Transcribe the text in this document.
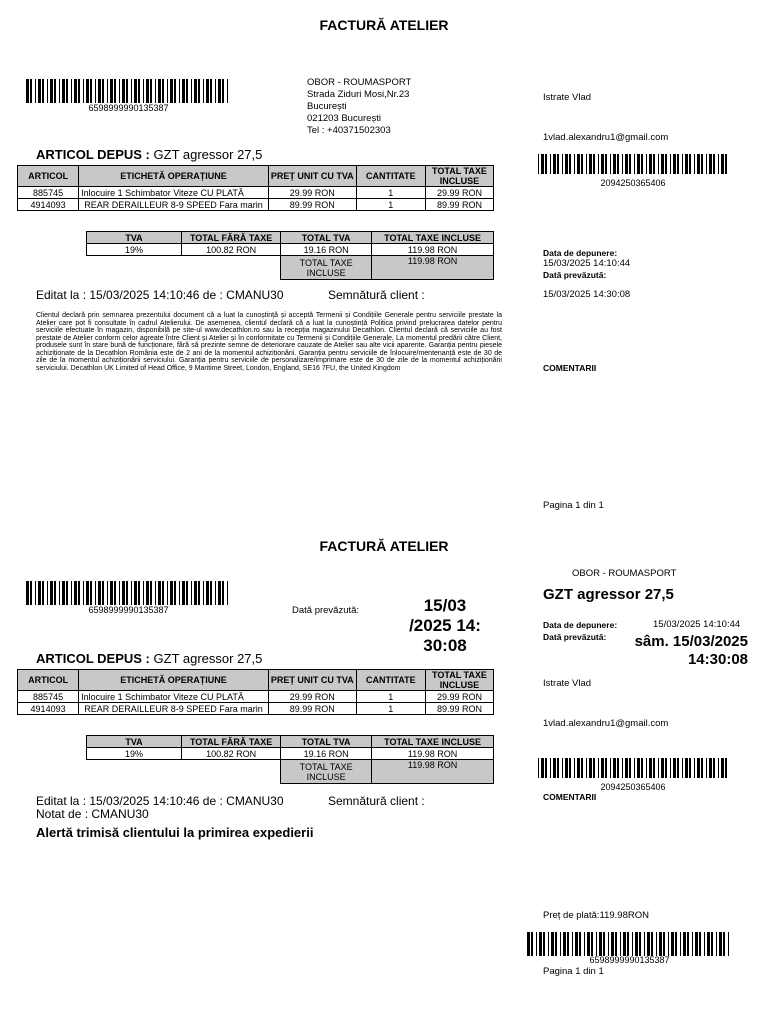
FACTURĂ ATELIER
6598999990135387
OBOR - ROUMASPORT
Strada Ziduri Mosi,Nr.23
București
021203 București
Tel : +40371502303
Istrate Vlad
1vlad.alexandru1@gmail.com
2094250365406
ARTICOL DEPUS : GZT agressor 27,5
ARTICOL	ETICHETĂ OPERAȚIUNE	PREȚ UNIT CU TVA	CANTITATE	TOTAL TAXE INCLUSE
885745	Inlocuire 1 Schimbator Viteze CU PLATĂ	29.99 RON	1	29.99 RON
4914093	REAR DERAILLEUR 8-9 SPEED Fara marin	89.99 RON	1	89.99 RON
TVA	TOTAL FĂRĂ TAXE	TOTAL TVA	TOTAL TAXE INCLUSE
19%	100.82 RON	19.16 RON	119.98 RON
		TOTAL TAXE INCLUSE	119.98 RON
Editat la : 15/03/2025 14:10:46 de : CMANU30	Semnătură client :
Data de depunere:
15/03/2025 14:10:44
Dată prevăzută:
15/03/2025 14:30:08
Clientul declară prin semnarea prezentului document că a luat la cunoștință și acceptă Termenii și Condițiile Generale pentru serviciile prestate la Atelier care pot fi consultate în cadrul Atelierului. De asemenea, clientul declară că a luat la cunoștință Politica privind prelucrarea datelor pentru serviciile efectuate în magazin, disponibilă pe site-ul www.decathlon.ro sau la recepția magazinului Decathlon. Clientul declară că serviciile au fost prestate de Atelier conform celor agreate între Client și Atelier și în conformitate cu Termenii și Condițiile Generale. La momentul predării către Client, produsele sunt în stare bună de funcționare, fără să prezinte semne de deteriorare cauzate de Atelier sau alte vicii aparente. Garanția pentru piesele achiziționate de la Decathlon România este de 2 ani de la momentul achiziționării. Garanția pentru serviciile de înlocuire/mentenanță este de 30 de zile de la momentul achiziționării serviciului. Garanția pentru serviciile de personalizare/imprimare este de 30 de zile de la momentul achiziționării serviciului. Decathlon UK Limited of Head Office, 9 Maritime Street, London, England, SE16 7FU, the United Kingdom	COMENTARII
Pagina 1 din 1
FACTURĂ ATELIER
6598999990135387	Dată prevăzută:	15/03 /2025 14: 30:08
OBOR - ROUMASPORT
GZT agressor 27,5
Data de depunere:	15/03/2025 14:10:44
Dată prevăzută:	sâm. 15/03/2025 14:30:08
Istrate Vlad
1vlad.alexandru1@gmail.com
2094250365406
COMENTARII
ARTICOL DEPUS : GZT agressor 27,5
ARTICOL	ETICHETĂ OPERAȚIUNE	PREȚ UNIT CU TVA	CANTITATE	TOTAL TAXE INCLUSE
885745	Inlocuire 1 Schimbator Viteze CU PLATĂ	29.99 RON	1	29.99 RON
4914093	REAR DERAILLEUR 8-9 SPEED Fara marin	89.99 RON	1	89.99 RON
TVA	TOTAL FĂRĂ TAXE	TOTAL TVA	TOTAL TAXE INCLUSE
19%	100.82 RON	19.16 RON	119.98 RON
		TOTAL TAXE INCLUSE	119.98 RON
Editat la : 15/03/2025 14:10:46 de : CMANU30	Semnătură client :
Notat de : CMANU30
Alertă trimisă clientului la primirea expedierii
Preț de plată:119.98RON
6598999990135387
Pagina 1 din 1
